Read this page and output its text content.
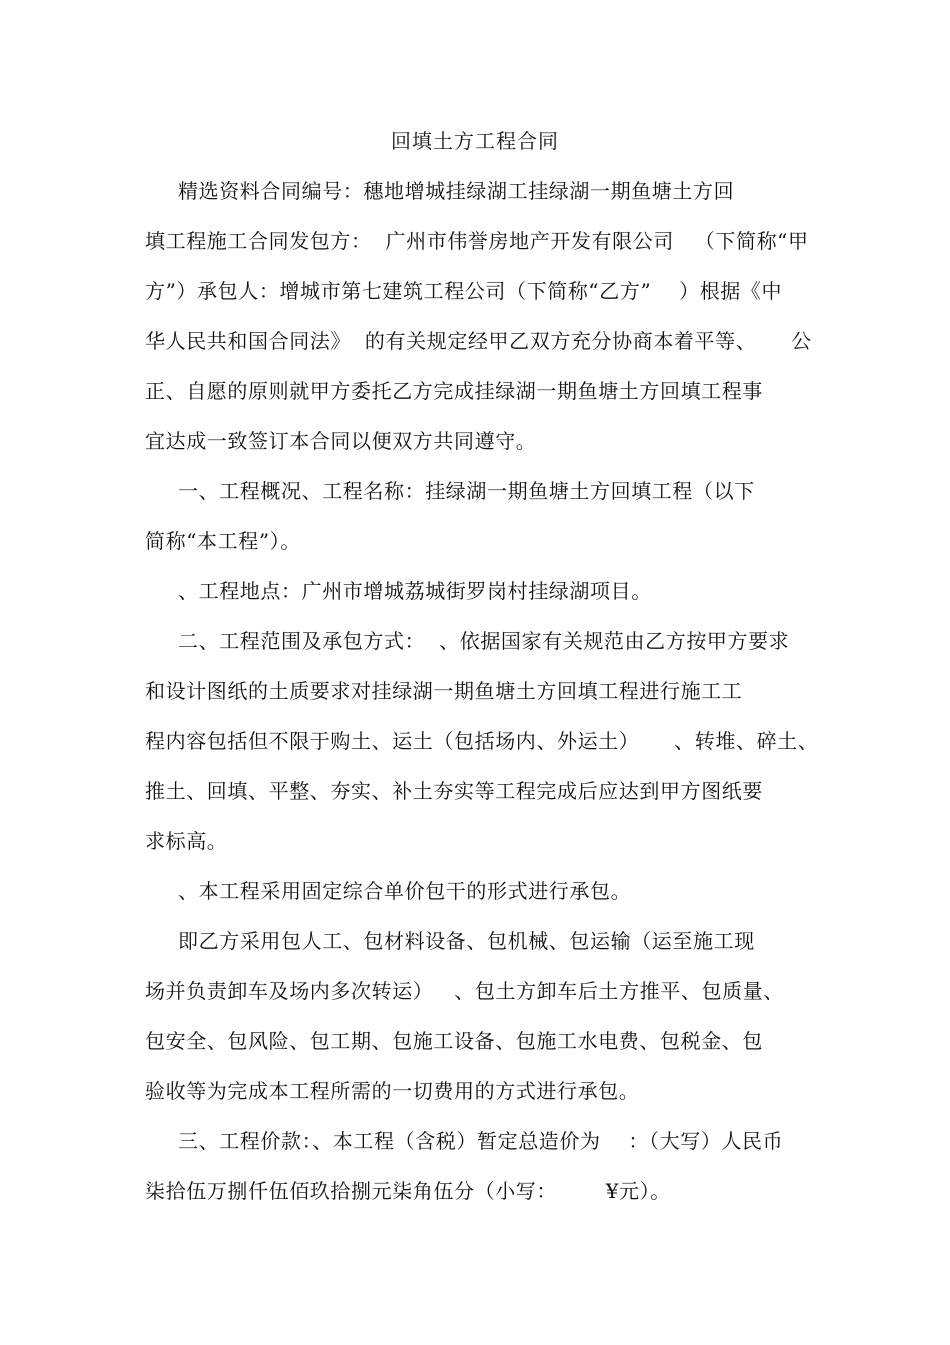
回填土方工程合同
精选资料合同编号：穗地增城挂绿湖工挂绿湖一期鱼塘土方回
填工程施工合同发包方：  广州市伟誉房地产开发有限公司   （下简称“甲
方”）承包人：增城市第七建筑工程公司（下简称“乙方”    ）根据《中
华人民共和国合同法》  的有关规定经甲乙双方充分协商本着平等、     公
正、自愿的原则就甲方委托乙方完成挂绿湖一期鱼塘土方回填工程事
宜达成一致签订本合同以便双方共同遵守。
一、工程概况、工程名称：挂绿湖一期鱼塘土方回填工程（以下
简称“本工程”）。
、工程地点：广州市增城荔城街罗岗村挂绿湖项目。
二、工程范围及承包方式：  、依据国家有关规范由乙方按甲方要求
和设计图纸的土质要求对挂绿湖一期鱼塘土方回填工程进行施工工
程内容包括但不限于购土、运土（包括场内、外运土）     、转堆、碎土、
推土、回填、平整、夯实、补土夯实等工程完成后应达到甲方图纸要
求标高。
、本工程采用固定综合单价包干的形式进行承包。
即乙方采用包人工、包材料设备、包机械、包运输（运至施工现
场并负责卸车及场内多次转运）   、包土方卸车后土方推平、包质量、
包安全、包风险、包工期、包施工设备、包施工水电费、包税金、包
验收等为完成本工程所需的一切费用的方式进行承包。
三、工程价款：、本工程（含税）暂定总造价为    ：（大写）人民币
柒拾伍万捌仟伍佰玖拾捌元柒角伍分（小写：       ¥元）。
